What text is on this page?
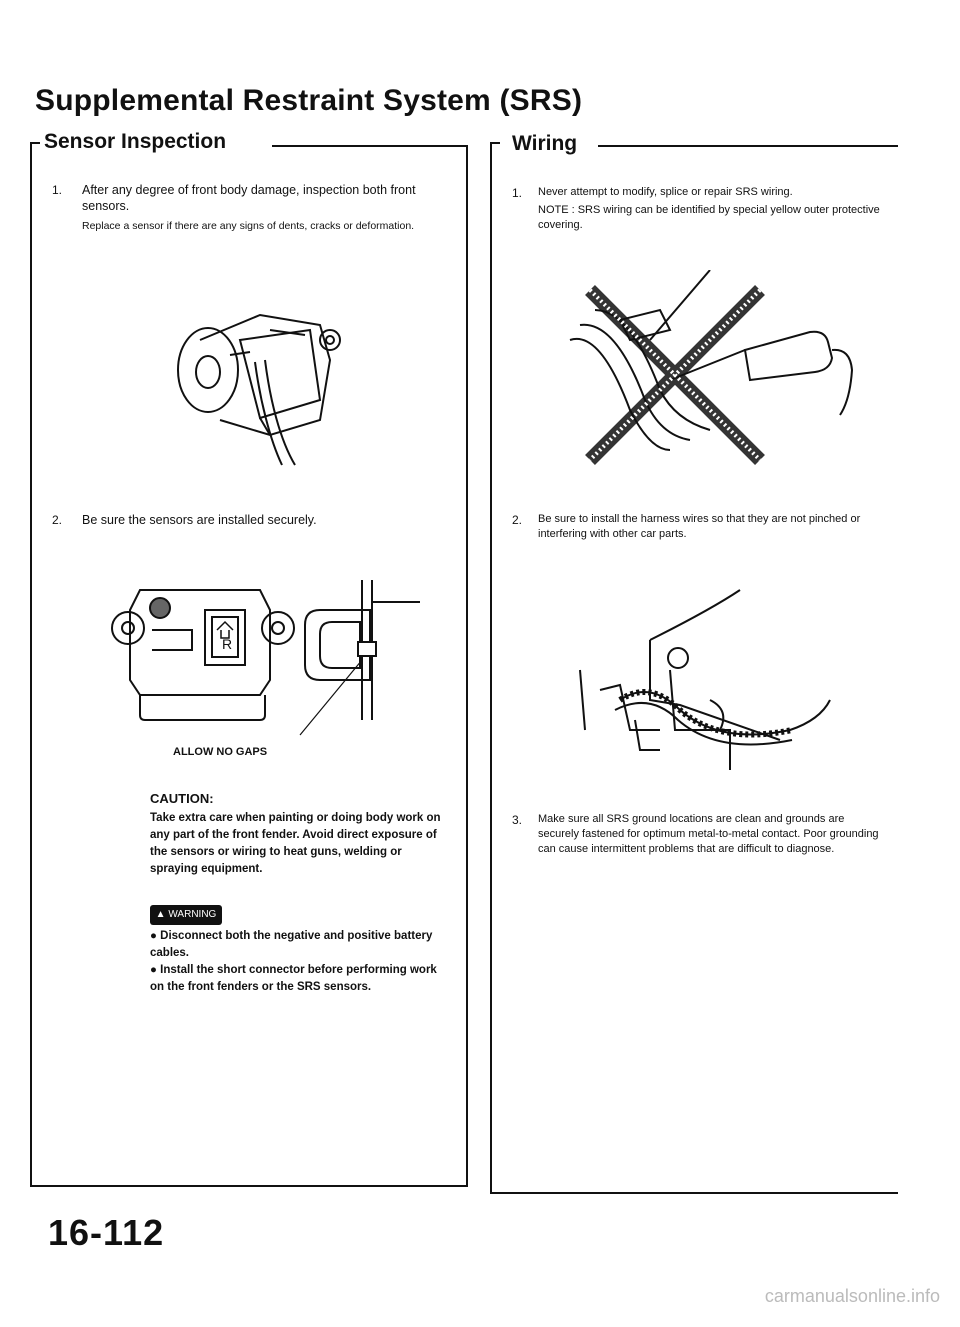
Supplemental Restraint System (SRS)
Sensor Inspection
1. After any degree of front body damage, inspection both front sensors.
Replace a sensor if there are any signs of dents, cracks or deformation.
2. Be sure the sensors are installed securely.
R
ALLOW NO GAPS
CAUTION:
Take extra care when painting or doing body work on any part of the front fender. Avoid direct exposure of the sensors or wiring to heat guns, welding or spraying equipment.
▲ WARNING
● Disconnect both the negative and positive battery cables.
● Install the short connector before performing work on the front fenders or the SRS sensors.
Wiring
1. Never attempt to modify, splice or repair SRS wiring.
NOTE : SRS wiring can be identified by special yellow outer protective covering.
2. Be sure to install the harness wires so that they are not pinched or interfering with other car parts.
3. Make sure all SRS ground locations are clean and grounds are securely fastened for optimum metal-to-metal contact. Poor grounding can cause intermittent problems that are difficult to diagnose.
16-112
carmanualsonline.info
